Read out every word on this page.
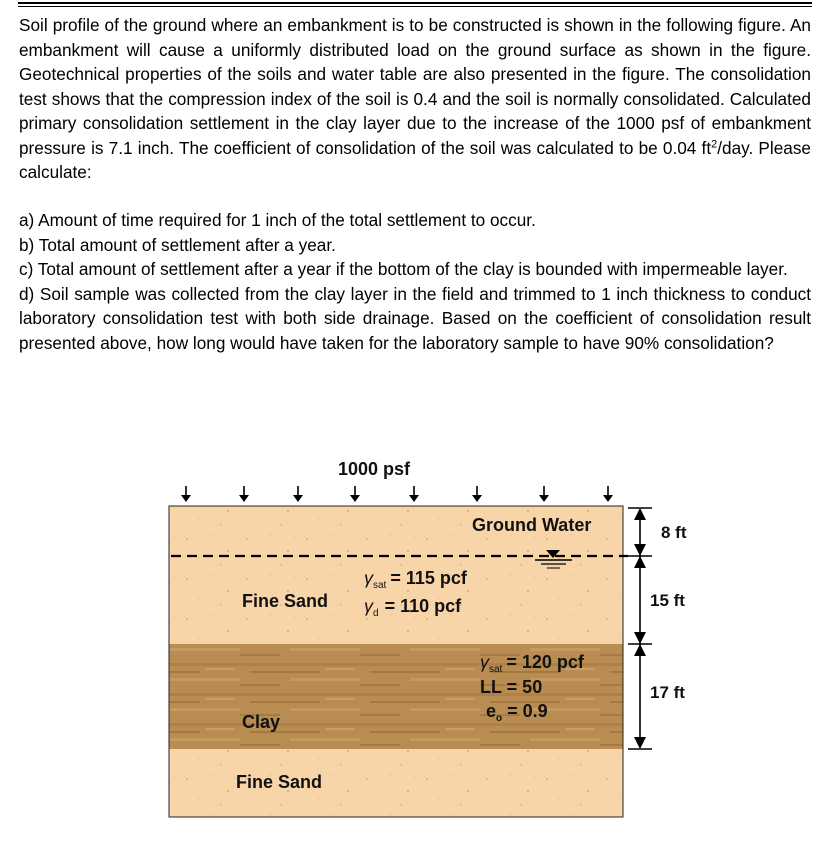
Soil profile of the ground where an embankment is to be constructed is shown in the following figure. An embankment will cause a uniformly distributed load on the ground surface as shown in the figure. Geotechnical properties of the soils and water table are also presented in the figure. The consolidation test shows that the compression index of the soil is 0.4 and the soil is normally consolidated. Calculated primary consolidation settlement in the clay layer due to the increase of the 1000 psf of embankment pressure is 7.1 inch. The coefficient of consolidation of the soil was calculated to be 0.04 $ft^2$/day. Please calculate:

a) Amount of time required for 1 inch of the total settlement to occur.

b) Total amount of settlement after a year.

c) Total amount of settlement after a year if the bottom of the clay is bounded with impermeable layer.

d) Soil sample was collected from the clay layer in the field and trimmed to 1 inch thickness to conduct laboratory consolidation test with both side drainage. Based on the coefficient of consolidation result presented above, how long would have taken for the laboratory sample to have 90% consolidation?

1000 psf
Ground Water
Fine Sand
$\gamma_{sat} = 115$ pcf
$\gamma_d = 110$ pcf
$\gamma_{sat} = 120$ pcf
LL = 50
$e_o = 0.9$
Clay
Fine Sand
8 ft
15 ft
17 ft
